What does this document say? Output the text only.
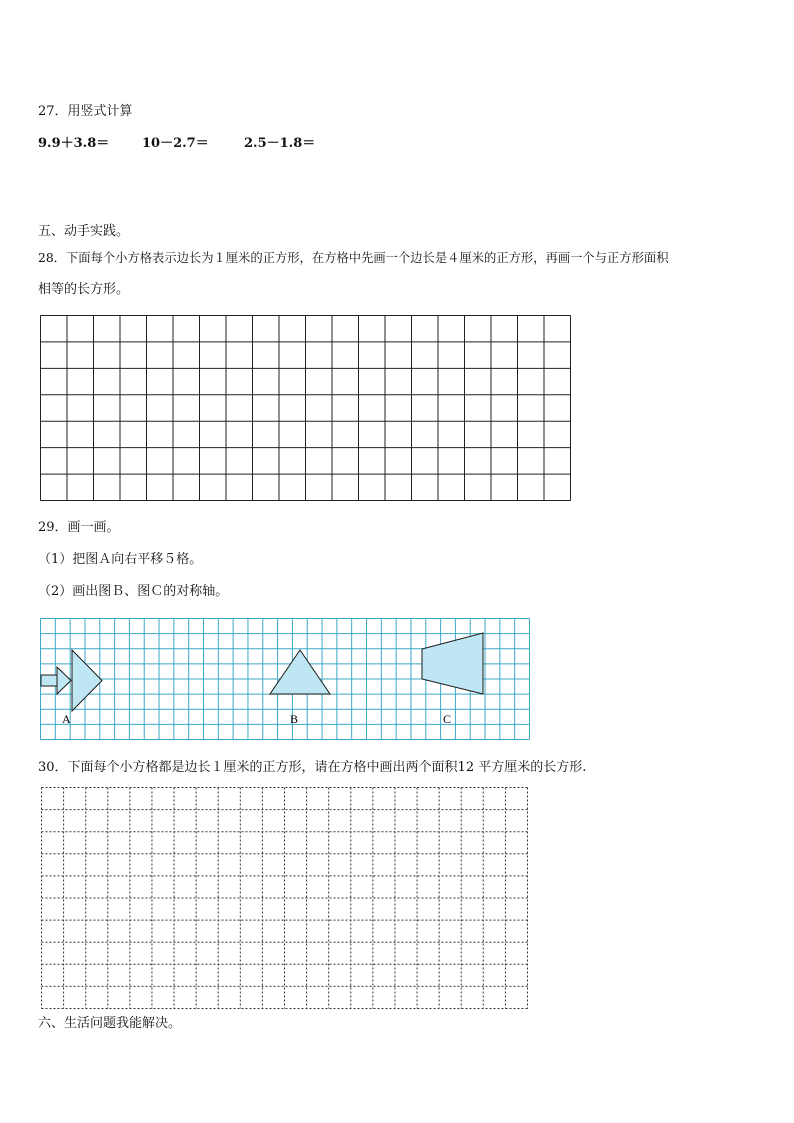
27．用竖式计算
9.9＋3.8＝	10－2.7＝	2.5－1.8＝
五、动手实践。
28．下面每个小方格表示边长为１厘米的正方形，在方格中先画一个边长是４厘米的正方形，再画一个与正方形面积
相等的长方形。
29．画一画。
（1）把图Ａ向右平移５格。
（2）画出图Ｂ、图Ｃ的对称轴。
A	B	C
30．下面每个小方格都是边长１厘米的正方形，请在方格中画出两个面积12 平方厘米的长方形.
六、生活问题我能解决。
